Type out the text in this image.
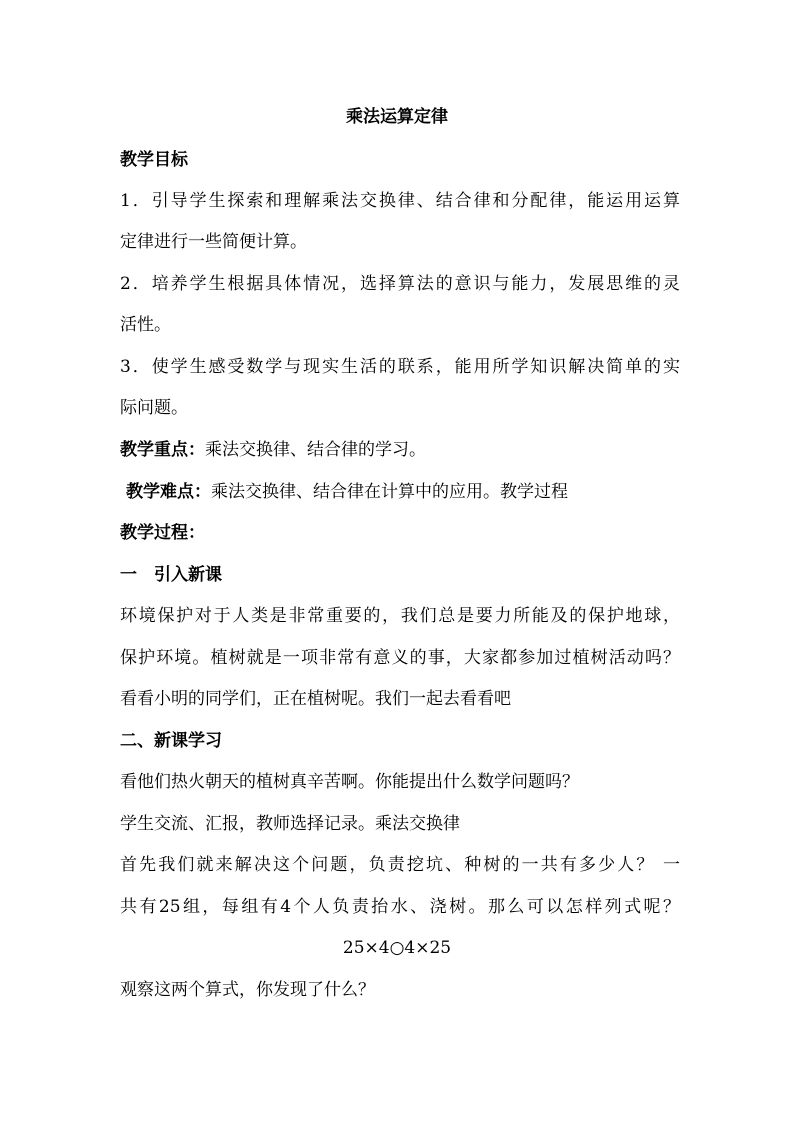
乘法运算定律
教学目标
1．引导学生探索和理解乘法交换律、结合律和分配律，能运用运算
定律进行一些简便计算。
2．培养学生根据具体情况，选择算法的意识与能力，发展思维的灵
活性。
3．使学生感受数学与现实生活的联系，能用所学知识解决简单的实
际问题。
教学重点：乘法交换律、结合律的学习。
教学难点：乘法交换律、结合律在计算中的应用。教学过程
教学过程：
一　引入新课
环境保护对于人类是非常重要的，我们总是要力所能及的保护地球，
保护环境。植树就是一项非常有意义的事，大家都参加过植树活动吗？
看看小明的同学们，正在植树呢。我们一起去看看吧
二、新课学习
看他们热火朝天的植树真辛苦啊。你能提出什么数学问题吗？
学生交流、汇报，教师选择记录。乘法交换律
首先我们就来解决这个问题，负责挖坑、种树的一共有多少人？ 一
共有25组，每组有4个人负责抬水、浇树。那么可以怎样列式呢？
25×4○4×25
观察这两个算式，你发现了什么？
